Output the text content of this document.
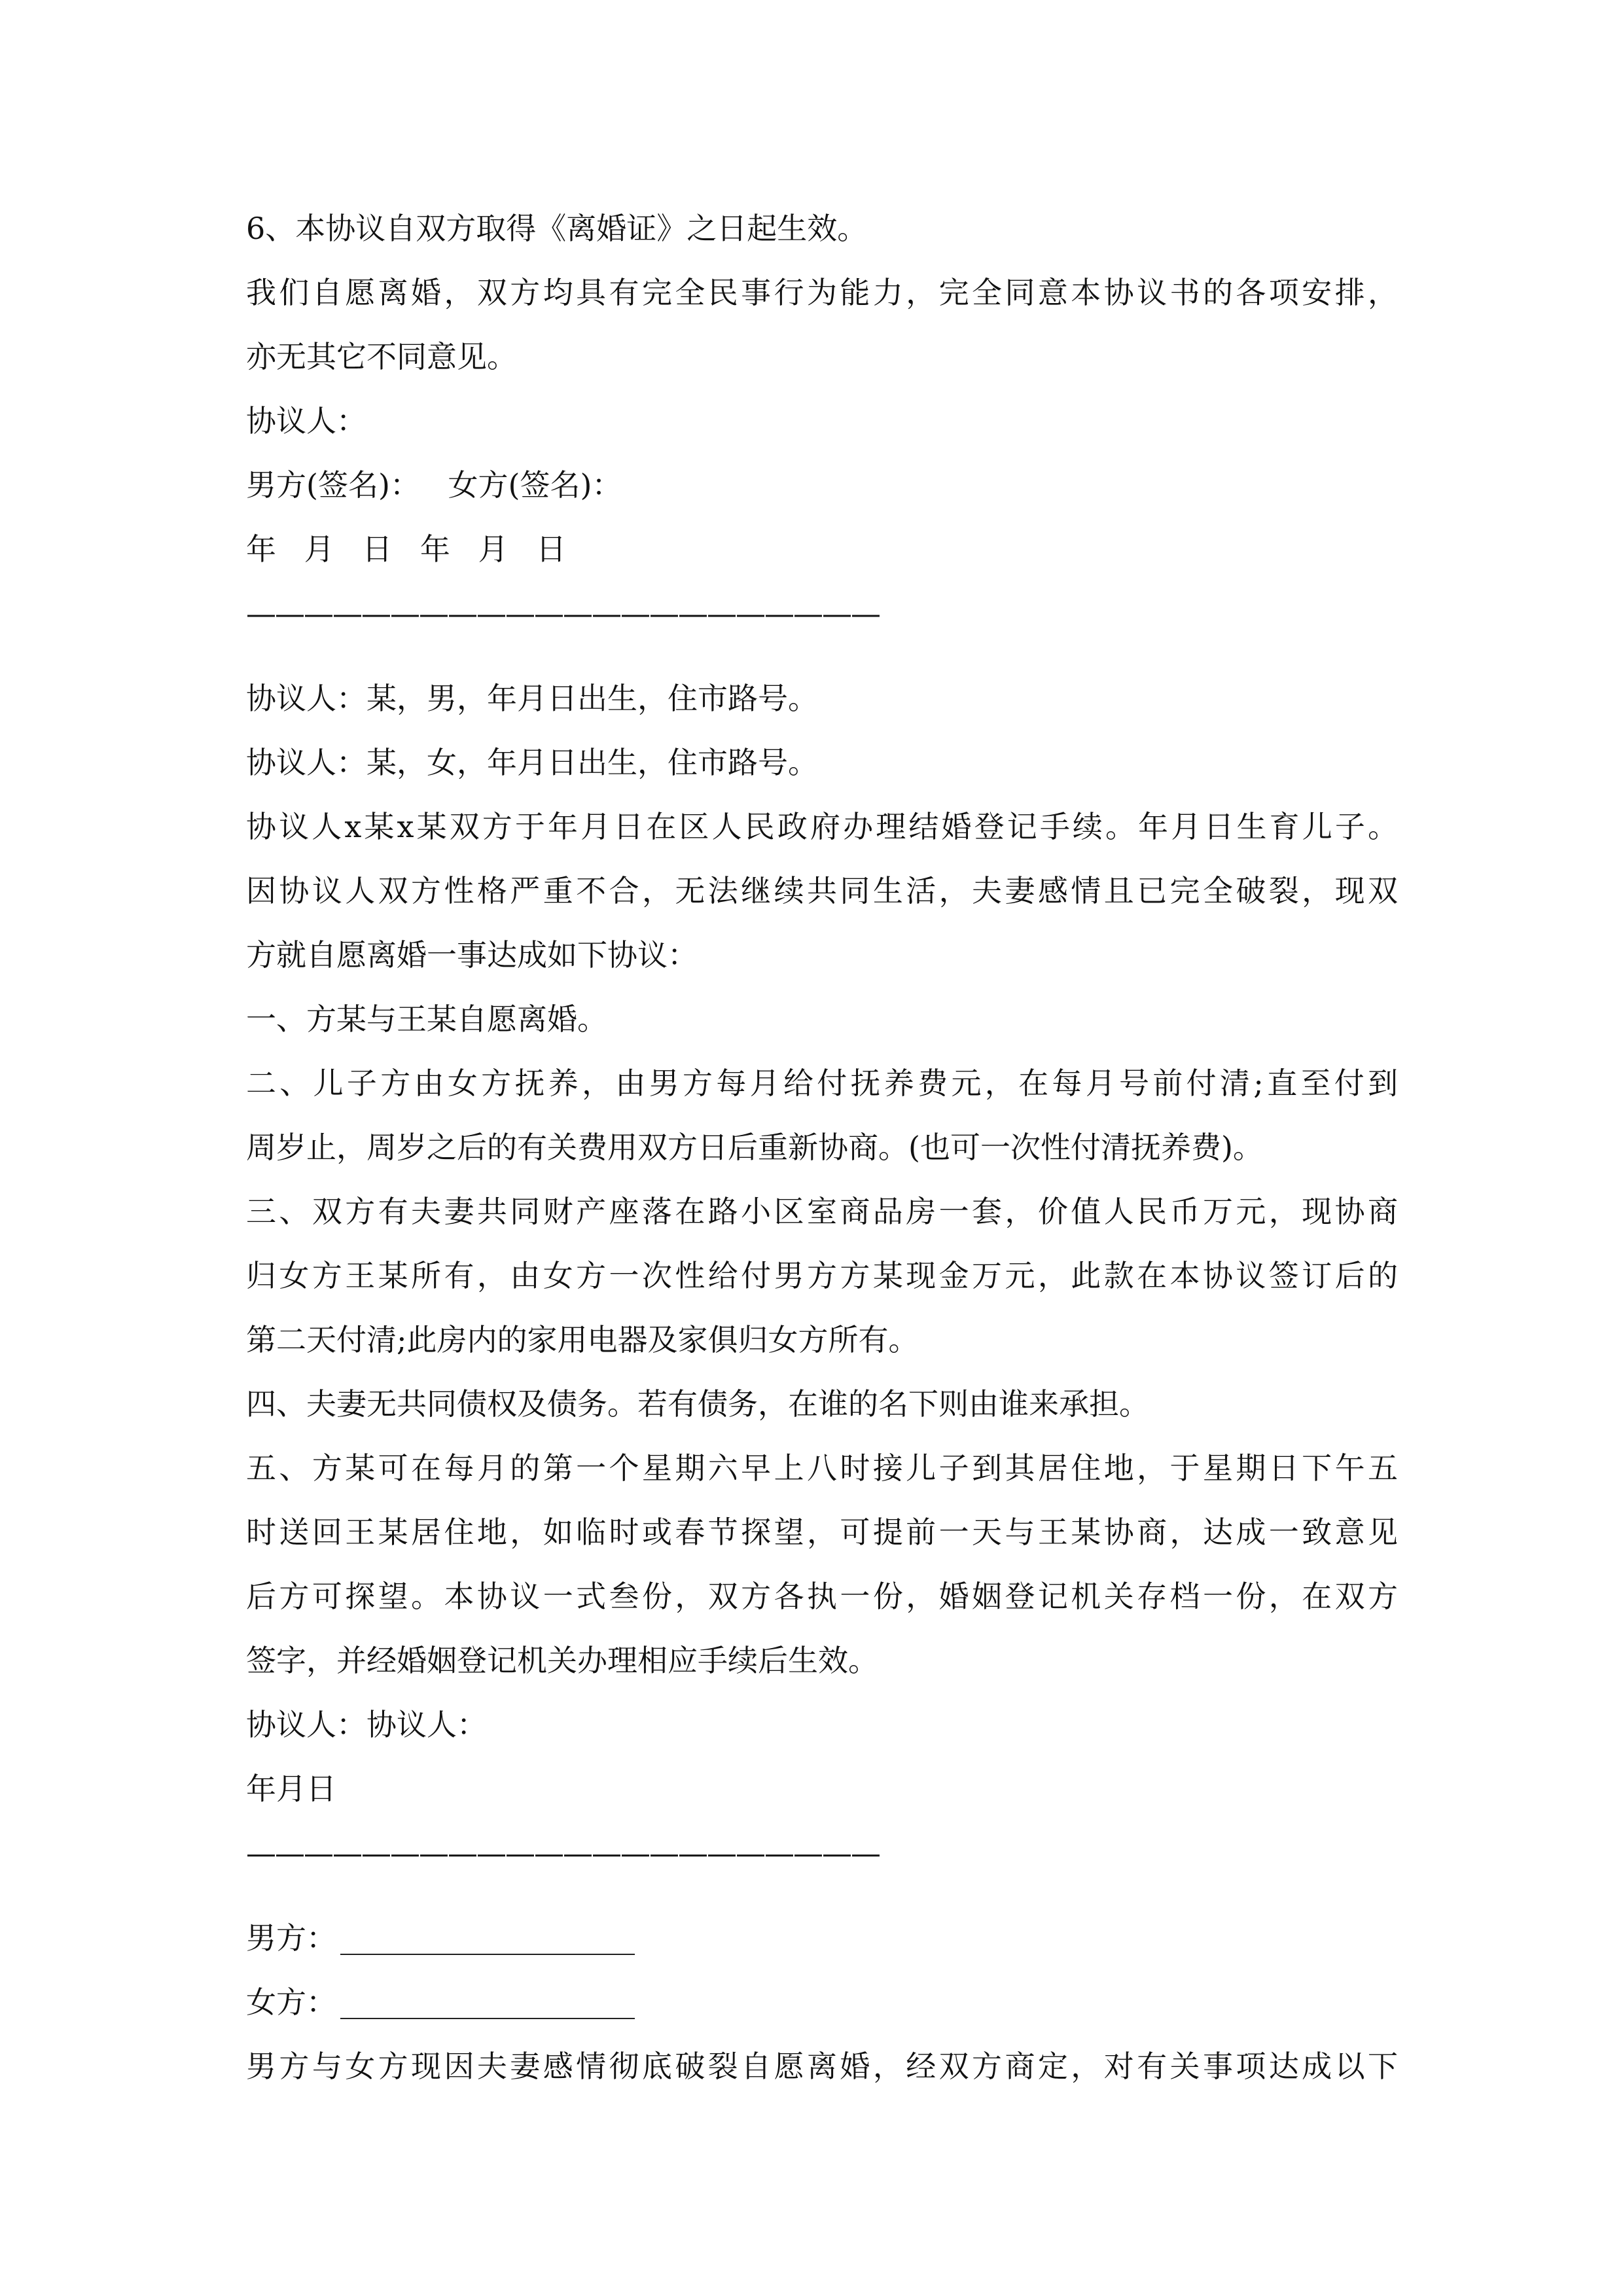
6、本协议自双方取得《离婚证》之日起生效。
我们自愿离婚，双方均具有完全民事行为能力，完全同意本协议书的各项安排，
亦无其它不同意见。
协议人：
男方(签名)： 女方(签名)：
年 月 日 年 月 日
——————————————————————
协议人：某，男，年月日出生，住市路号。
协议人：某，女，年月日出生，住市路号。
协议人x某x某双方于年月日在区人民政府办理结婚登记手续。年月日生育儿子。
因协议人双方性格严重不合，无法继续共同生活，夫妻感情且已完全破裂，现双
方就自愿离婚一事达成如下协议：
一、方某与王某自愿离婚。
二、儿子方由女方抚养，由男方每月给付抚养费元，在每月号前付清;直至付到
周岁止，周岁之后的有关费用双方日后重新协商。(也可一次性付清抚养费)。
三、双方有夫妻共同财产座落在路小区室商品房一套，价值人民币万元，现协商
归女方王某所有，由女方一次性给付男方方某现金万元，此款在本协议签订后的
第二天付清;此房内的家用电器及家俱归女方所有。
四、夫妻无共同债权及债务。若有债务，在谁的名下则由谁来承担。
五、方某可在每月的第一个星期六早上八时接儿子到其居住地，于星期日下午五
时送回王某居住地，如临时或春节探望，可提前一天与王某协商，达成一致意见
后方可探望。本协议一式叁份，双方各执一份，婚姻登记机关存档一份，在双方
签字，并经婚姻登记机关办理相应手续后生效。
协议人：协议人：
年月日
——————————————————————
男方：
女方：
男方与女方现因夫妻感情彻底破裂自愿离婚，经双方商定，对有关事项达成以下
